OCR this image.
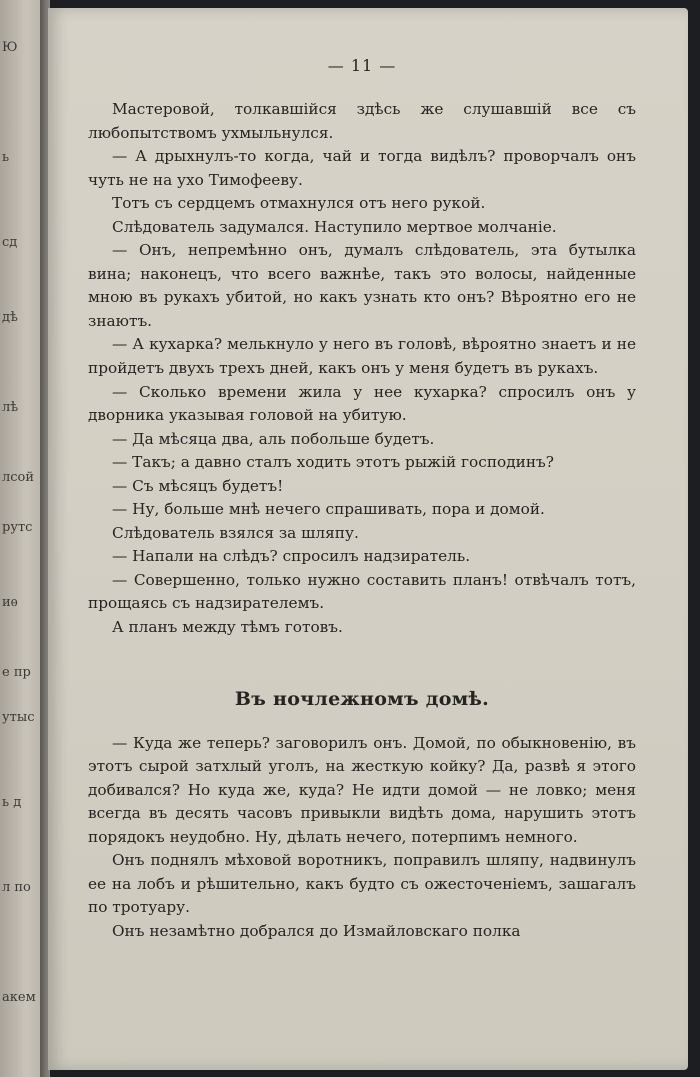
Ю
ь
сд
дѣ
лѣ
лсой
рутс
иѳ
е пр
утыс
ь д
л по
акем
— 11 —

Мастеровой, толкавшійся здѣсь же слушавшій все съ любопытствомъ ухмыльнулся.

— А дрыхнулъ-то когда, чай и тогда видѣлъ? проворчалъ онъ чуть не на ухо Тимофееву.

Тотъ съ сердцемъ отмахнулся отъ него рукой.

Слѣдователь задумался. Наступило мертвое молчаніе.

— Онъ, непремѣнно онъ, думалъ слѣдователь, эта бутылка вина; наконецъ, что всего важнѣе, такъ это волосы, найденные мною въ рукахъ убитой, но какъ узнать кто онъ? Вѣроятно его не знаютъ.

— А кухарка? мелькнуло у него въ головѣ, вѣроятно знаетъ и не пройдетъ двухъ трехъ дней, какъ онъ у меня будетъ въ рукахъ.

— Сколько времени жила у нее кухарка? спросилъ онъ у дворника указывая головой на убитую.

— Да мѣсяца два, аль побольше будетъ.

— Такъ; а давно сталъ ходить этотъ рыжій господинъ?

— Съ мѣсяцъ будетъ!

— Ну, больше мнѣ нечего спрашивать, пора и домой.

Слѣдователь взялся за шляпу.

— Напали на слѣдъ? спросилъ надзиратель.

— Совершенно, только нужно составить планъ! отвѣчалъ тотъ, прощаясь съ надзирателемъ.

А планъ между тѣмъ готовъ.

Въ ночлежномъ домѣ.

— Куда же теперь? заговорилъ онъ. Домой, по обыкновенію, въ этотъ сырой затхлый уголъ, на жесткую койку? Да, развѣ я этого добивался? Но куда же, куда? Не идти домой — не ловко; меня всегда въ десять часовъ привыкли видѣть дома, нарушить этотъ порядокъ неудобно. Ну, дѣлать нечего, потерпимъ немного.

Онъ поднялъ мѣховой воротникъ, поправилъ шляпу, надвинулъ ее на лобъ и рѣшительно, какъ будто съ ожесточеніемъ, зашагалъ по тротуару.

Онъ незамѣтно добрался до Измайловскаго полка
